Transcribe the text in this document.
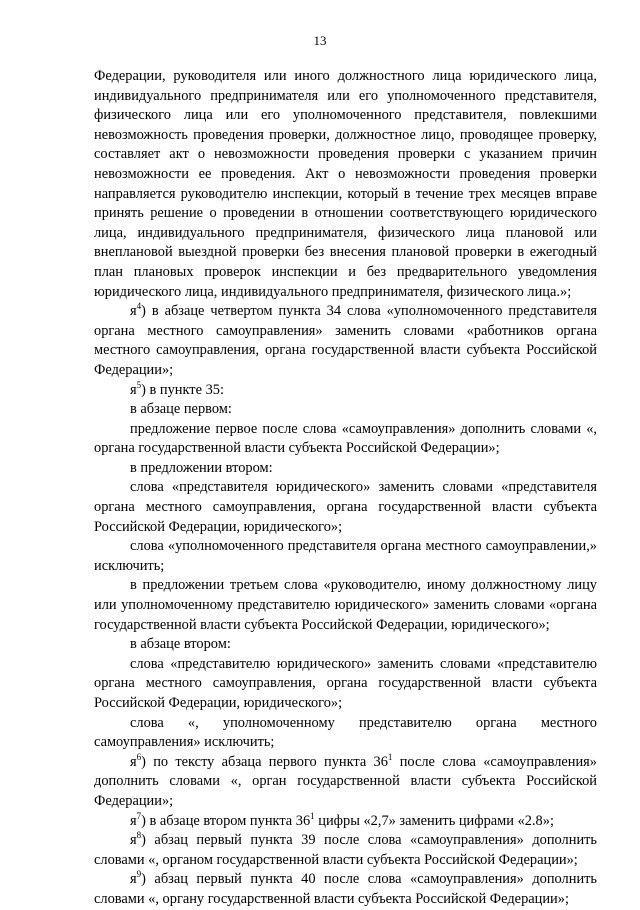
13

Федерации, руководителя или иного должностного лица юридического лица, индивидуального предпринимателя или его уполномоченного представителя, физического лица или его уполномоченного представителя, повлекшими невозможность проведения проверки, должностное лицо, проводящее проверку, составляет акт о невозможности проведения проверки с указанием причин невозможности ее проведения. Акт о невозможности проведения проверки направляется руководителю инспекции, который в течение трех месяцев вправе принять решение о проведении в отношении соответствующего юридического лица, индивидуального предпринимателя, физического лица плановой или внеплановой выездной проверки без внесения плановой проверки в ежегодный план плановых проверок инспекции и без предварительного уведомления юридического лица, индивидуального предпринимателя, физического лица.»;

$я^4$) в абзаце четвертом пункта 34 слова «уполномоченного представителя органа местного самоуправления» заменить словами «работников органа местного самоуправления, органа государственной власти субъекта Российской Федерации»;

$я^5$) в пункте 35:

в абзаце первом:

предложение первое после слова «самоуправления» дополнить словами «, органа государственной власти субъекта Российской Федерации»;

в предложении втором:

слова «представителя юридического» заменить словами «представителя органа местного самоуправления, органа государственной власти субъекта Российской Федерации, юридического»;

слова «уполномоченного представителя органа местного самоуправлении,» исключить;

в предложении третьем слова «руководителю, иному должностному лицу или уполномоченному представителю юридического» заменить словами «органа государственной власти субъекта Российской Федерации, юридического»;

в абзаце втором:

слова «представителю юридического» заменить словами «представителю органа местного самоуправления, органа государственной власти субъекта Российской Федерации, юридического»;

слова «, уполномоченному представителю органа местного самоуправления» исключить;

$я^6$) по тексту абзаца первого пункта $36^1$ после слова «самоуправления» дополнить словами «, орган государственной власти субъекта Российской Федерации»;

$я^7$) в абзаце втором пункта $36^1$ цифры «2,7» заменить цифрами «2.8»;

$я^8$) абзац первый пункта 39 после слова «самоуправления» дополнить словами «, органом государственной власти субъекта Российской Федерации»;

$я^9$) абзац первый пункта 40 после слова «самоуправления» дополнить словами «, органу государственной власти субъекта Российской Федерации»;
